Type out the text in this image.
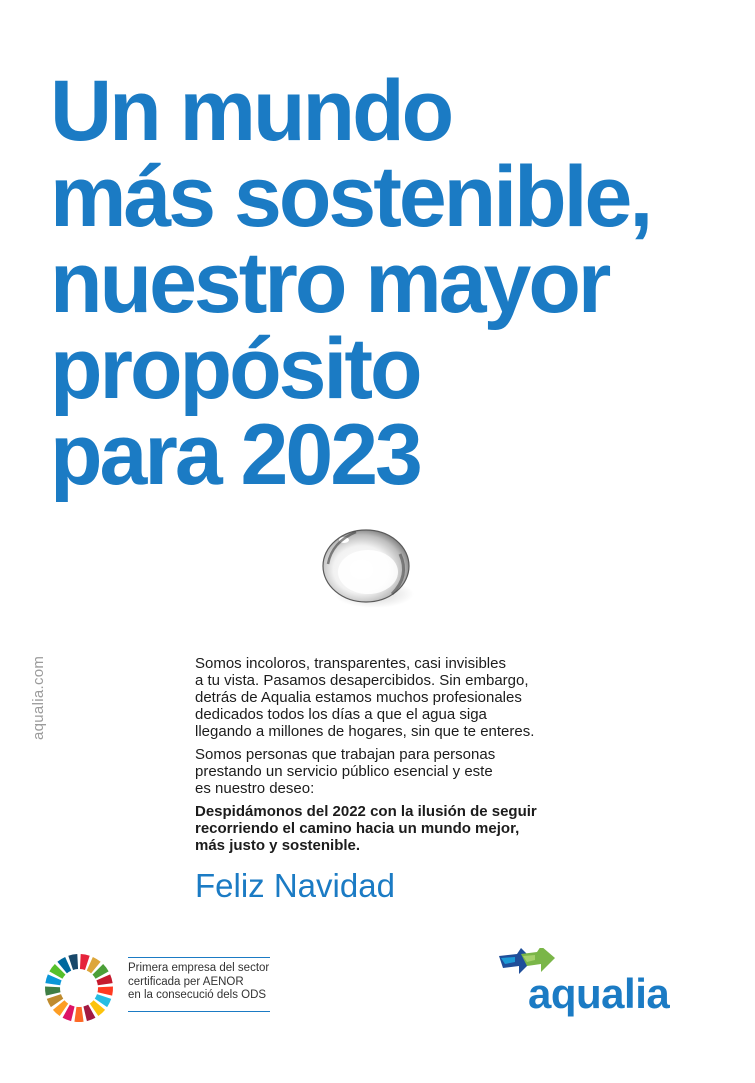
Un mundo
más sostenible,
nuestro mayor
propósito
para 2023
aqualia.com	Somos incoloros, transparentes, casi invisibles
a tu vista. Pasamos desapercibidos. Sin embargo,
detrás de Aqualia estamos muchos profesionales
dedicados todos los días a que el agua siga
llegando a millones de hogares, sin que te enteres.

Somos personas que trabajan para personas
prestando un servicio público esencial y este
es nuestro deseo:

Despidámonos del 2022 con la ilusión de seguir
recorriendo el camino hacia un mundo mejor,
más justo y sostenible.

Feliz Navidad
Primera empresa del sector
certificada per AENOR
en la consecució dels ODS	aqualia
